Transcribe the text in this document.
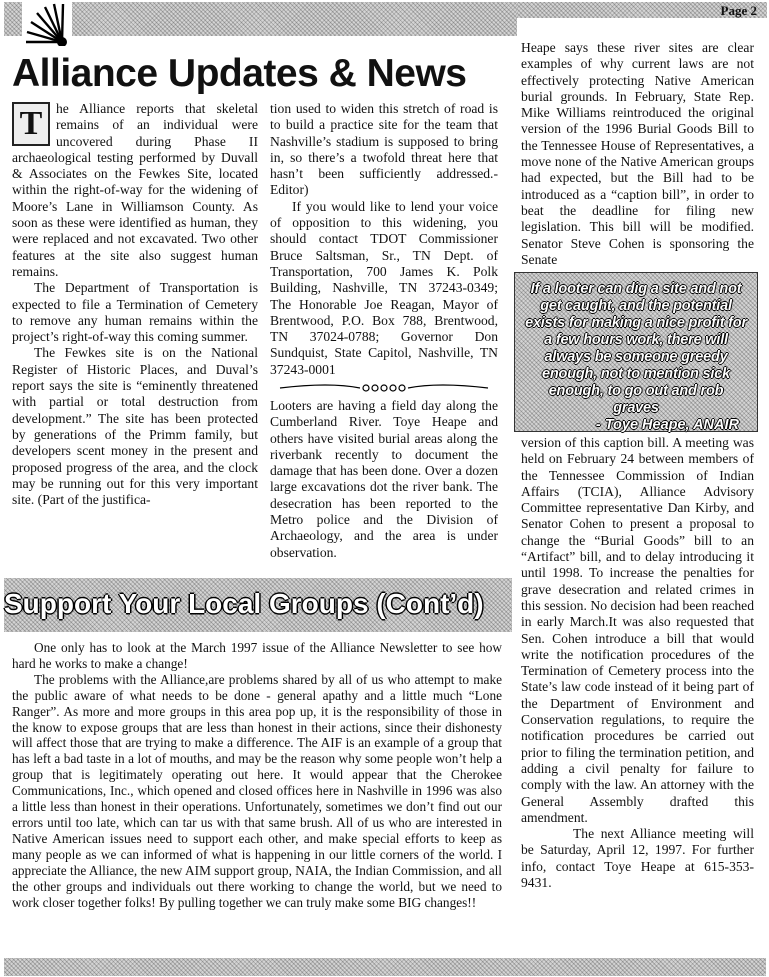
Page 2
Alliance Updates & News
T	he Alliance reports that skeletal remains of an individual were uncovered during Phase II archaeological testing performed by Duvall & Associates on the Fewkes Site, located within the right-of-way for the widening of Moore’s Lane in Williamson County. As soon as these were identified as human, they were replaced and not excavated. Two other features at the site also suggest human remains.

The Department of Transportation is expected to file a Termination of Cemetery to remove any human remains within the project’s right-of-way this coming summer.

The Fewkes site is on the National Register of Historic Places, and Duval’s report says the site is “eminently threatened with partial or total destruction from development.” The site has been protected by generations of the Primm family, but developers scent money in the present and proposed progress of the area, and the clock may be running out for this very important site. (Part of the justifica-

tion used to widen this stretch of road is to build a practice site for the team that Nashville’s stadium is supposed to bring in, so there’s a twofold threat here that hasn’t been sufficiently addressed.-Editor)

If you would like to lend your voice of opposition to this widening, you should contact TDOT Commissioner Bruce Saltsman, Sr., TN Dept. of Transportation, 700 James K. Polk Building, Nashville, TN 37243-0349; The Honorable Joe Reagan, Mayor of Brentwood, P.O. Box 788, Brentwood, TN 37024-0788; Governor Don Sundquist, State Capitol, Nashville, TN 37243-0001

Looters are having a field day along the Cumberland River. Toye Heape and others have visited burial areas along the riverbank recently to document the damage that has been done. Over a dozen large excavations dot the river bank. The desecration has been reported to the Metro police and the Division of Archaeology, and the area is under observation.

Heape says these river sites are clear examples of why current laws are not effectively protecting Native American burial grounds. In February, State Rep. Mike Williams reintroduced the original version of the 1996 Burial Goods Bill to the Tennessee House of Representatives, a move none of the Native American groups had expected, but the Bill had to be introduced as a “caption bill”, in order to beat the deadline for filing new legislation. This bill will be modified. Senator Steve Cohen is sponsoring the Senate

If a looter can dig a site and not get caught, and the potential exists for making a nice profit for a few hours work, there will always be someone greedy enough, not to mention sick enough, to go out and rob graves
- Toye Heape, ANAIR

version of this caption bill. A meeting was held on February 24 between members of the Tennessee Commission of Indian Affairs (TCIA), Alliance Advisory Committee representative Dan Kirby, and Senator Cohen to present a proposal to change the “Burial Goods” bill to an “Artifact” bill, and to delay introducing it until 1998. To increase the penalties for grave desecration and related crimes in this session. No decision had been reached in early March.It was also requested that Sen. Cohen introduce a bill that would write the notification procedures of the Termination of Cemetery process into the State’s law code instead of it being part of the Department of Environment and Conservation regulations, to require the notification procedures be carried out prior to filing the termination petition, and adding a civil penalty for failure to comply with the law. An attorney with the General Assembly drafted this amendment.

The next Alliance meeting will be Saturday, April 12, 1997. For further info, contact Toye Heape at 615-353-9431.

Support Your Local Groups (Cont’d)

One only has to look at the March 1997 issue of the Alliance Newsletter to see how hard he works to make a change!

The problems with the Alliance,are problems shared by all of us who attempt to make the public aware of what needs to be done - general apathy and a little much “Lone Ranger”. As more and more groups in this area pop up, it is the responsibility of those in the know to expose groups that are less than honest in their actions, since their dishonesty will affect those that are trying to make a difference. The AIF is an example of a group that has left a bad taste in a lot of mouths, and may be the reason why some people won’t help a group that is legitimately operating out here. It would appear that the Cherokee Communications, Inc., which opened and closed offices here in Nashville in 1996 was also a little less than honest in their operations. Unfortunately, sometimes we don’t find out our errors until too late, which can tar us with that same brush. All of us who are interested in Native American issues need to support each other, and make special efforts to keep as many people as we can informed of what is happening in our little corners of the world. I appreciate the Alliance, the new AIM support group, NAIA, the Indian Commission, and all the other groups and individuals out there working to change the world, but we need to work closer together folks! By pulling together we can truly make some BIG changes!!
